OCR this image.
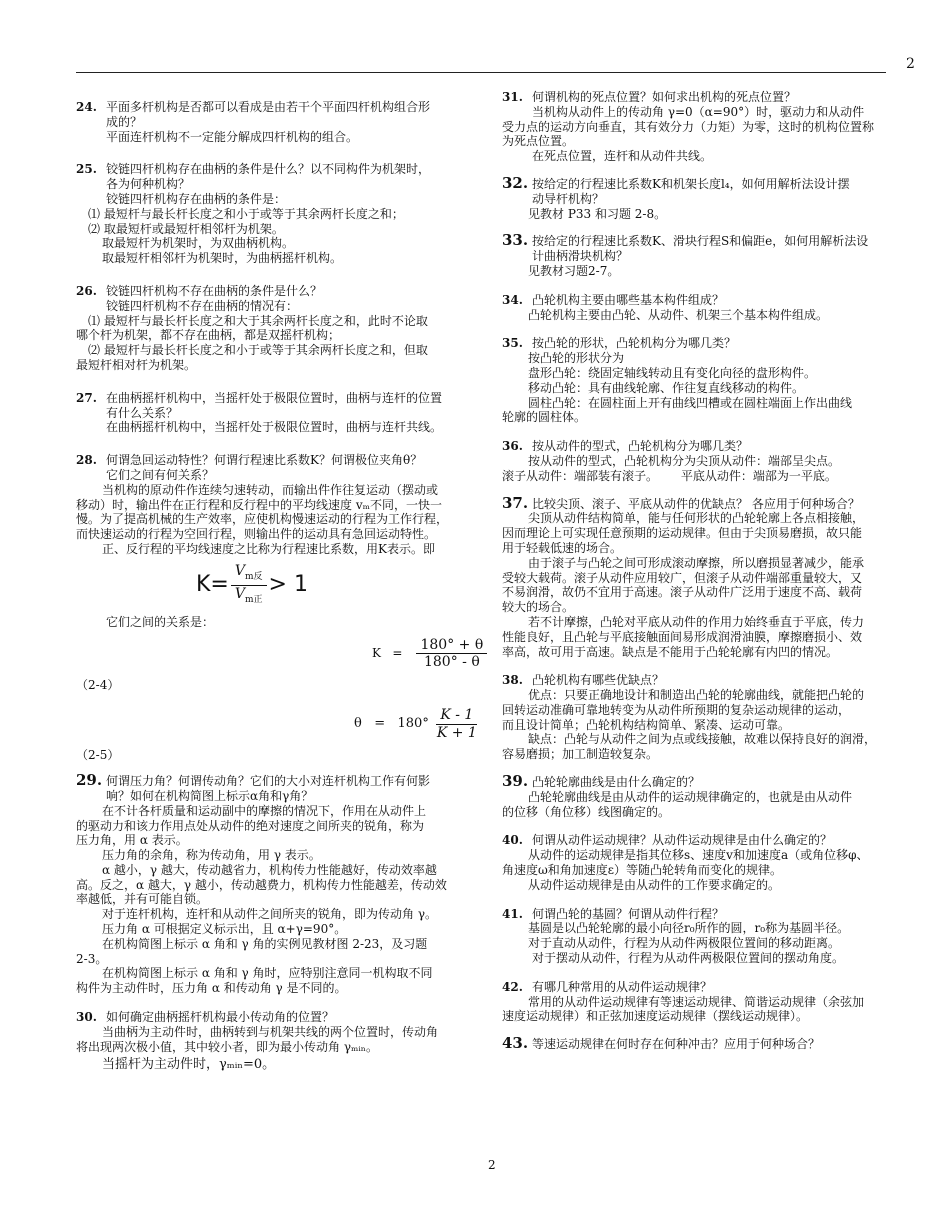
2

24. 平面多杆机构是否都可以看成是由若干个平面四杆机构组合形

成的？

平面连杆机构不一定能分解成四杆机构的组合。

25. 铰链四杆机构存在曲柄的条件是什么？以不同构件为机架时，

各为何种机构？

铰链四杆机构存在曲柄的条件是：

⑴ 最短杆与最长杆长度之和小于或等于其余两杆长度之和；

⑵ 取最短杆或最短杆相邻杆为机架。

取最短杆为机架时，为双曲柄机构。

取最短杆相邻杆为机架时，为曲柄摇杆机构。

26. 铰链四杆机构不存在曲柄的条件是什么？

铰链四杆机构不存在曲柄的情况有：

⑴ 最短杆与最长杆长度之和大于其余两杆长度之和，此时不论取

哪个杆为机架，都不存在曲柄，都是双摇杆机构；

⑵ 最短杆与最长杆长度之和小于或等于其余两杆长度之和，但取

最短杆相对杆为机架。

27. 在曲柄摇杆机构中，当摇杆处于极限位置时，曲柄与连杆的位置

有什么关系？

在曲柄摇杆机构中，当摇杆处于极限位置时，曲柄与连杆共线。

28. 何谓急回运动特性？何谓行程速比系数K？何谓极位夹角θ？

它们之间有何关系？

当机构的原动件作连续匀速转动，而输出件作往复运动（摆动或

移动）时，输出件在正行程和反行程中的平均线速度 vₘ不同，一快一

慢。为了提高机械的生产效率，应使机构慢速运动的行程为工作行程，

而快速运动的行程为空回行程，则输出件的运动具有急回运动特性。

正、反行程的平均线速度之比称为行程速比系数，用K表示。即

$K= \frac{V_{m反}}{V_{m正}} > 1$

它们之间的关系是：

$K = \frac{180^\circ + \theta}{180^\circ - \theta}$

（2-4）

$\theta = 180^\circ \frac{K - 1}{K + 1}$

（2-5）

29. 何谓压力角？何谓传动角？它们的大小对连杆机构工作有何影

响？如何在机构简图上标示α角和γ角？

在不计各杆质量和运动副中的摩擦的情况下，作用在从动件上

的驱动力和该力作用点处从动件的绝对速度之间所夹的锐角，称为

压力角，用 α 表示。

压力角的余角，称为传动角，用 γ 表示。

α 越小，γ 越大，传动越省力，机构传力性能越好，传动效率越

高。反之，α 越大，γ 越小，传动越费力，机构传力性能越差，传动效

率越低，并有可能自锁。

对于连杆机构，连杆和从动件之间所夹的锐角，即为传动角 γ。

压力角 α 可根据定义标示出，且 α+γ=90°。

在机构简图上标示 α 角和 γ 角的实例见教材图 2-23，及习题

2-3。

在机构简图上标示 α 角和 γ 角时，应特别注意同一机构取不同

构件为主动件时，压力角 α 和传动角 γ 是不同的。

30. 如何确定曲柄摇杆机构最小传动角的位置？

当曲柄为主动件时，曲柄转到与机架共线的两个位置时，传动角

将出现两次极小值，其中较小者，即为最小传动角 γₘᵢₙ。

当摇杆为主动件时，γₘᵢₙ=0。

31. 何谓机构的死点位置？如何求出机构的死点位置？

当机构从动件上的传动角 γ=0（α=90°）时，驱动力和从动件

受力点的运动方向垂直，其有效分力（力矩）为零，这时的机构位置称

为死点位置。

在死点位置，连杆和从动件共线。

32. 按给定的行程速比系数K和机架长度l₄，如何用解析法设计摆

动导杆机构？

见教材 P33 和习题 2-8。

33. 按给定的行程速比系数K、滑块行程S和偏距e，如何用解析法设

计曲柄滑块机构？

见教材习题2-7。

34. 凸轮机构主要由哪些基本构件组成？

凸轮机构主要由凸轮、从动件、机架三个基本构件组成。

35. 按凸轮的形状，凸轮机构分为哪几类？

按凸轮的形状分为

盘形凸轮：绕固定轴线转动且有变化向径的盘形构件。

移动凸轮：具有曲线轮廓、作往复直线移动的构件。

圆柱凸轮：在圆柱面上开有曲线凹槽或在圆柱端面上作出曲线

轮廓的圆柱体。

36. 按从动件的型式，凸轮机构分为哪几类？

按从动件的型式，凸轮机构分为尖顶从动件：端部呈尖点。

滚子从动件：端部装有滚子。      平底从动件：端部为一平底。

37. 比较尖顶、滚子、平底从动件的优缺点？ 各应用于何种场合？

尖顶从动件结构简单，能与任何形状的凸轮轮廓上各点相接触，

因而理论上可实现任意预期的运动规律。但由于尖顶易磨损，故只能

用于轻载低速的场合。

由于滚子与凸轮之间可形成滚动摩擦，所以磨损显著减少，能承

受较大载荷。滚子从动件应用较广，但滚子从动件端部重量较大，又

不易润滑，故仍不宜用于高速。滚子从动件广泛用于速度不高、载荷

较大的场合。

若不计摩擦，凸轮对平底从动件的作用力始终垂直于平底，传力

性能良好，且凸轮与平底接触面间易形成润滑油膜，摩擦磨损小、效

率高，故可用于高速。缺点是不能用于凸轮轮廓有内凹的情况。

38. 凸轮机构有哪些优缺点？

优点：只要正确地设计和制造出凸轮的轮廓曲线，就能把凸轮的

回转运动准确可靠地转变为从动件所预期的复杂运动规律的运动，

而且设计简单；凸轮机构结构简单、紧凑、运动可靠。

缺点：凸轮与从动件之间为点或线接触，故难以保持良好的润滑，

容易磨损；加工制造较复杂。

39. 凸轮轮廓曲线是由什么确定的？

凸轮轮廓曲线是由从动件的运动规律确定的，也就是由从动件

的位移（角位移）线图确定的。

40. 何谓从动件运动规律？从动件运动规律是由什么确定的？

从动件的运动规律是指其位移s、速度v和加速度a（或角位移φ、

角速度ω和角加速度ε）等随凸轮转角而变化的规律。

从动件运动规律是由从动件的工作要求确定的。

41. 何谓凸轮的基圆？何谓从动件行程？

基圆是以凸轮轮廓的最小向径r₀所作的圆，r₀称为基圆半径。

对于直动从动件，行程为从动件两极限位置间的移动距离。

对于摆动从动件，行程为从动件两极限位置间的摆动角度。

42. 有哪几种常用的从动件运动规律？

常用的从动件运动规律有等速运动规律、简谐运动规律（余弦加

速度运动规律）和正弦加速度运动规律（摆线运动规律）。

43. 等速运动规律在何时存在何种冲击？应用于何种场合？

2
